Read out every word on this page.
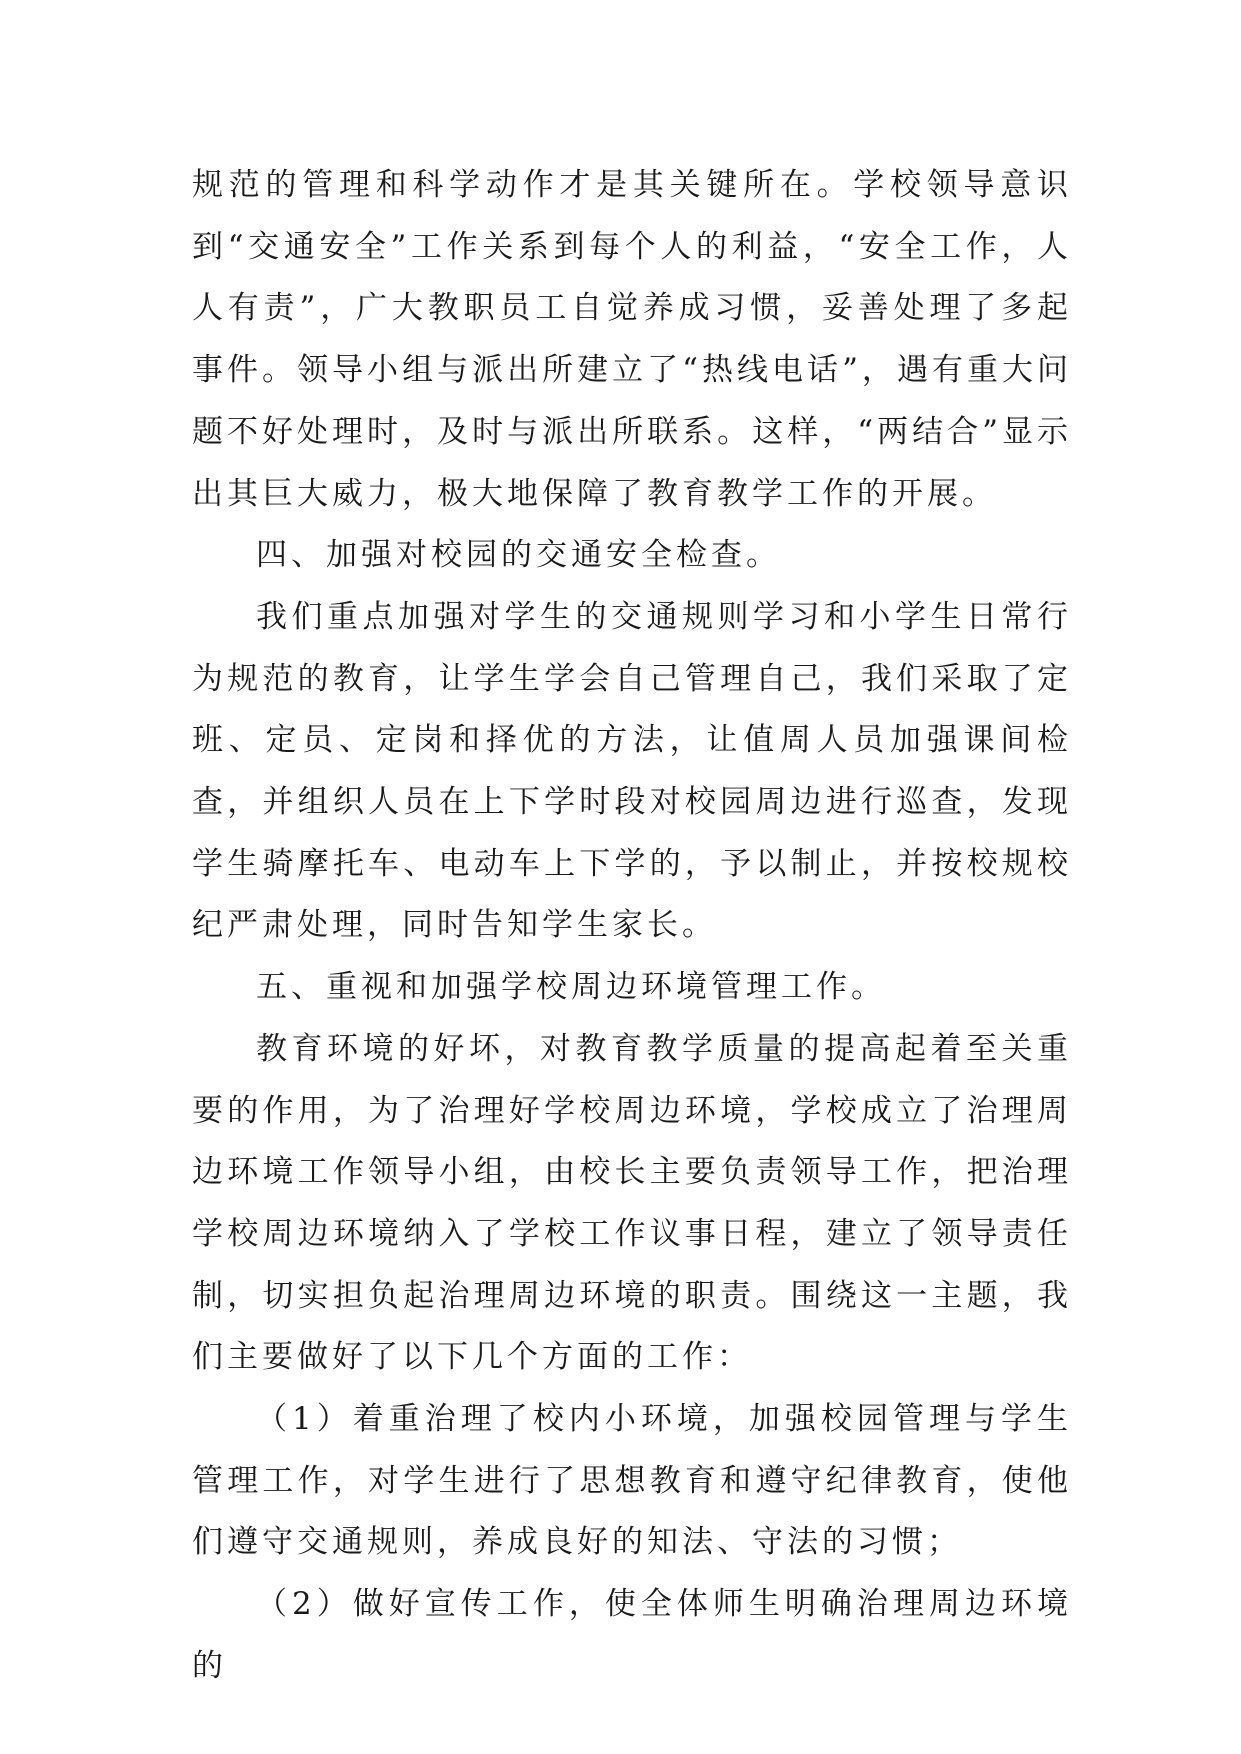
规范的管理和科学动作才是其关键所在。学校领导意识到“交通安全”工作关系到每个人的利益，“安全工作，人人有责”，广大教职员工自觉养成习惯，妥善处理了多起事件。领导小组与派出所建立了“热线电话”，遇有重大问题不好处理时，及时与派出所联系。这样，“两结合”显示出其巨大威力，极大地保障了教育教学工作的开展。

四、加强对校园的交通安全检查。

我们重点加强对学生的交通规则学习和小学生日常行为规范的教育，让学生学会自己管理自己，我们采取了定班、定员、定岗和择优的方法，让值周人员加强课间检查，并组织人员在上下学时段对校园周边进行巡查，发现学生骑摩托车、电动车上下学的，予以制止，并按校规校纪严肃处理，同时告知学生家长。

五、重视和加强学校周边环境管理工作。

教育环境的好坏，对教育教学质量的提高起着至关重要的作用，为了治理好学校周边环境，学校成立了治理周边环境工作领导小组，由校长主要负责领导工作，把治理学校周边环境纳入了学校工作议事日程，建立了领导责任制，切实担负起治理周边环境的职责。围绕这一主题，我们主要做好了以下几个方面的工作：

（1）着重治理了校内小环境，加强校园管理与学生管理工作，对学生进行了思想教育和遵守纪律教育，使他们遵守交通规则，养成良好的知法、守法的习惯；

（2）做好宣传工作，使全体师生明确治理周边环境的
